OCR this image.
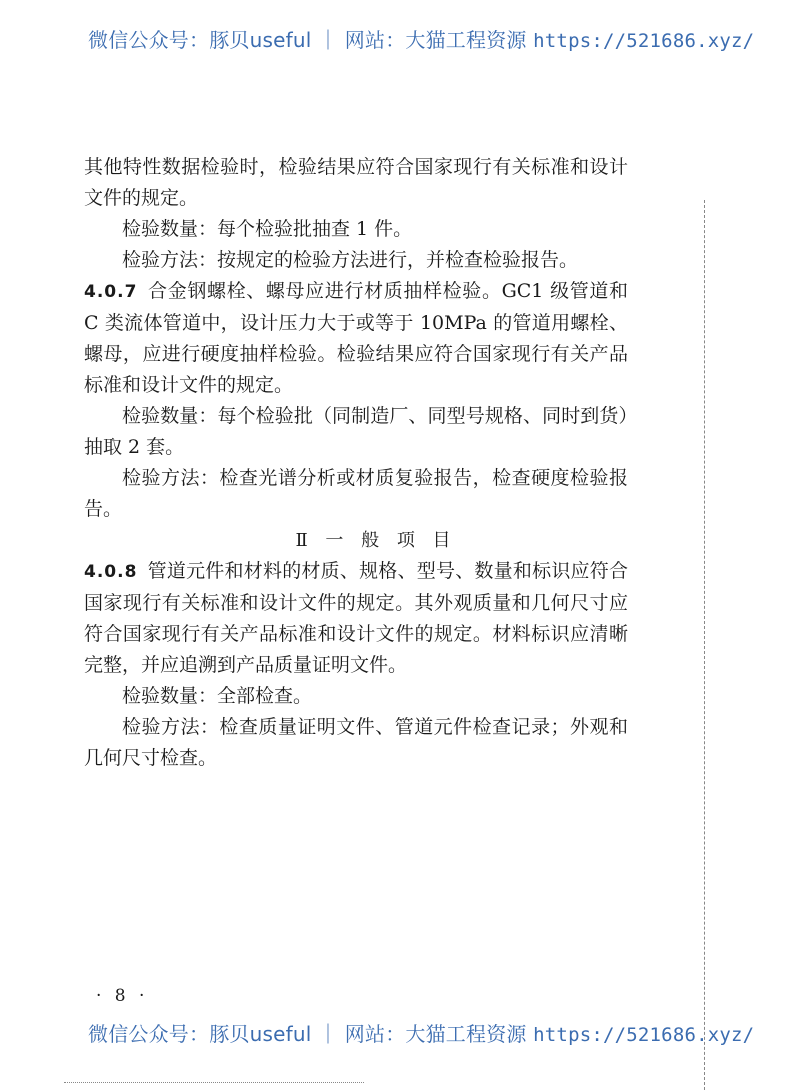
微信公众号：豚贝useful ｜ 网站：大猫工程资源 https://521686.xyz/

其他特性数据检验时，检验结果应符合国家现行有关标准和设计文件的规定。

检验数量：每个检验批抽查 1 件。

检验方法：按规定的检验方法进行，并检查检验报告。

4.0.7 合金钢螺栓、螺母应进行材质抽样检验。GC1 级管道和 C 类流体管道中，设计压力大于或等于 10MPa 的管道用螺栓、螺母，应进行硬度抽样检验。检验结果应符合国家现行有关产品标准和设计文件的规定。

检验数量：每个检验批（同制造厂、同型号规格、同时到货）抽取 2 套。

检验方法：检查光谱分析或材质复验报告，检查硬度检验报告。

Ⅱ 一 般 项 目

4.0.8 管道元件和材料的材质、规格、型号、数量和标识应符合国家现行有关标准和设计文件的规定。其外观质量和几何尺寸应符合国家现行有关产品标准和设计文件的规定。材料标识应清晰完整，并应追溯到产品质量证明文件。

检验数量：全部检查。

检验方法：检查质量证明文件、管道元件检查记录；外观和几何尺寸检查。

· 8 ·
微信公众号：豚贝useful ｜ 网站：大猫工程资源 https://521686.xyz/
